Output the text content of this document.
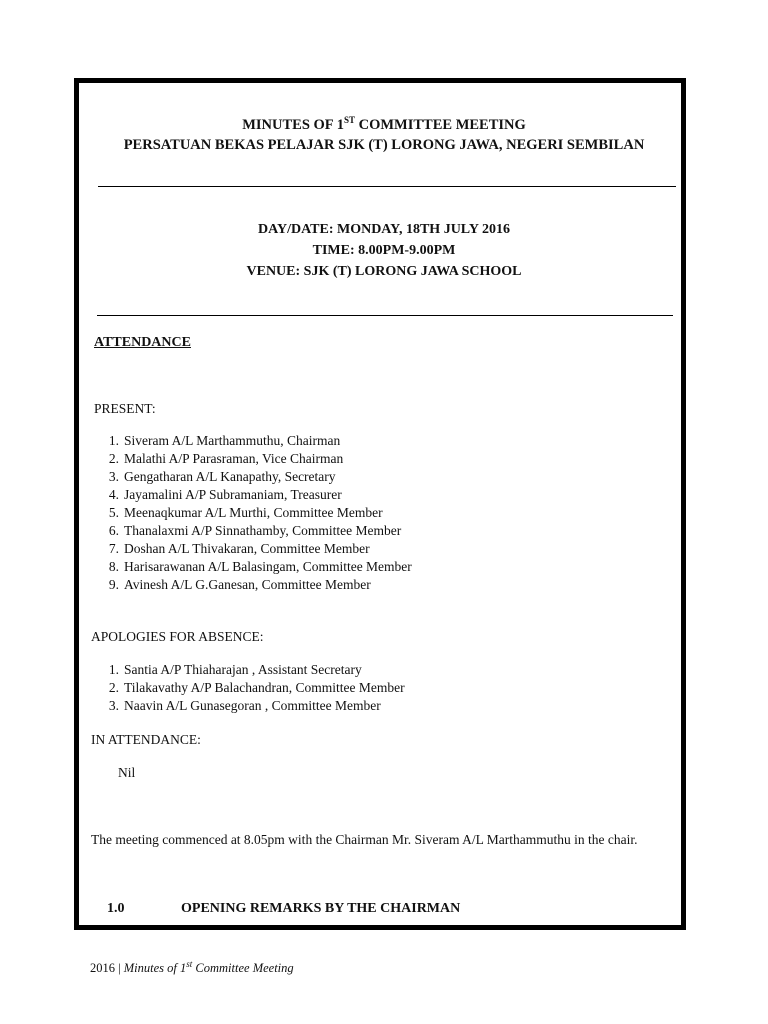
MINUTES OF 1ST COMMITTEE MEETING
PERSATUAN BEKAS PELAJAR SJK (T) LORONG JAWA, NEGERI SEMBILAN
DAY/DATE: MONDAY, 18TH JULY 2016
TIME: 8.00PM-9.00PM
VENUE: SJK (T) LORONG JAWA SCHOOL
ATTENDANCE
PRESENT:
1. Siveram A/L Marthammuthu, Chairman
2. Malathi A/P Parasraman, Vice Chairman
3. Gengatharan A/L Kanapathy, Secretary
4. Jayamalini A/P Subramaniam, Treasurer
5. Meenaqkumar A/L Murthi, Committee Member
6. Thanalaxmi A/P Sinnathamby, Committee Member
7. Doshan A/L Thivakaran, Committee Member
8. Harisarawanan A/L Balasingam, Committee Member
9. Avinesh A/L G.Ganesan, Committee Member
APOLOGIES FOR ABSENCE:
1. Santia A/P Thiaharajan , Assistant Secretary
2. Tilakavathy A/P Balachandran, Committee Member
3. Naavin A/L Gunasegoran , Committee Member
IN ATTENDANCE:
Nil
The meeting commenced at 8.05pm with the Chairman Mr. Siveram A/L Marthammuthu in the chair.
1.0	OPENING REMARKS BY THE CHAIRMAN
2016 | Minutes of 1st Committee Meeting
